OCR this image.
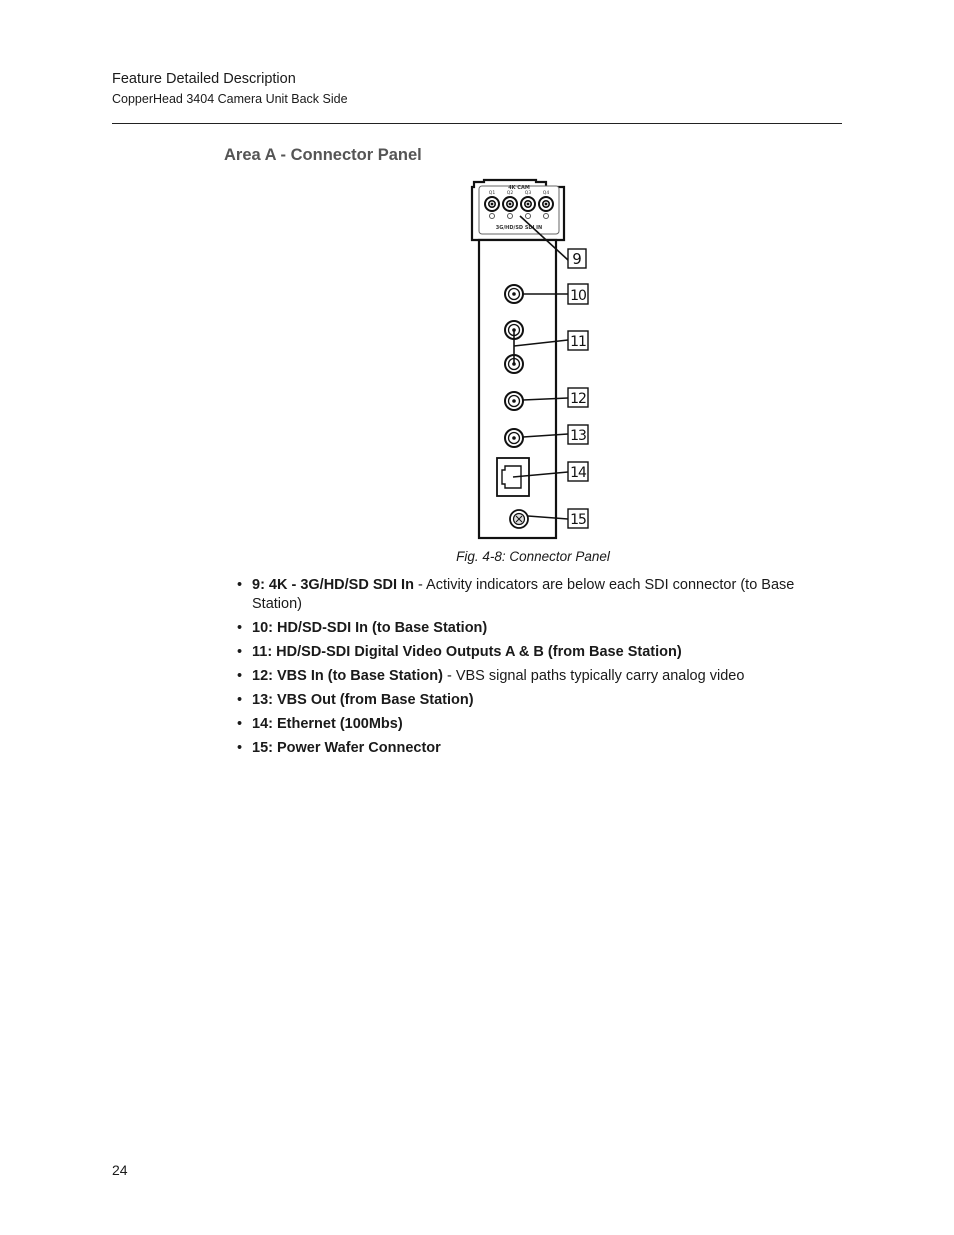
Feature Detailed Description
CopperHead 3404 Camera Unit Back Side
Area A - Connector Panel
4K CAM
Q1	Q2	Q3	Q4
3G/HD/SD SDI IN
9
10
11
12
13
14
15
Fig. 4-8: Connector Panel
• 9: 4K - 3G/HD/SD SDI In - Activity indicators are below each SDI connector (to Base Station)
• 10: HD/SD-SDI In (to Base Station)
• 11: HD/SD-SDI Digital Video Outputs A & B (from Base Station)
• 12: VBS In (to Base Station) - VBS signal paths typically carry analog video
• 13: VBS Out (from Base Station)
• 14: Ethernet (100Mbs)
• 15: Power Wafer Connector
24
